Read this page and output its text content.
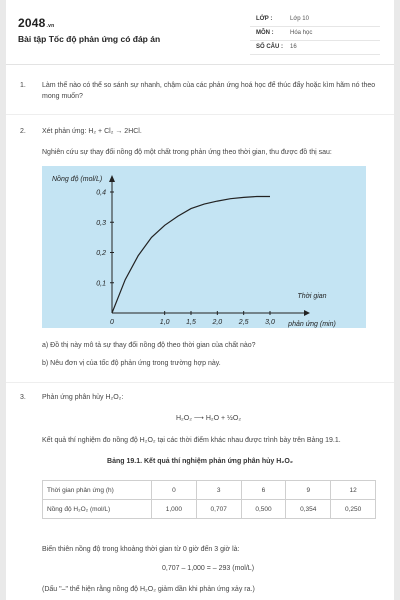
2048.vn
Bài tập Tốc độ phản ứng có đáp án
LỚP :	Lớp 10
MÔN :	Hóa học
SỐ CÂU : 16
1. Làm thế nào có thể so sánh sự nhanh, chậm của các phản ứng hoá học để thúc đẩy hoặc kìm hãm nó theo mong muốn?
2. Xét phản ứng: H₂ + Cl₂ → 2HCl.
Nghiên cứu sự thay đổi nồng độ một chất trong phản ứng theo thời gian, thu được đồ thị sau:
0,1
0,2
0,3
0,4
0	1,0 1,5 2,0 2,5 3,0
Nồng độ (mol/L)
Thời gian
phản ứng (min)
a) Đồ thị này mô tả sự thay đổi nồng độ theo thời gian của chất nào?
b) Nêu đơn vị của tốc độ phản ứng trong trường hợp này.
3. Phản ứng phân hủy H₂O₂:
H₂O₂ ⟶ H₂O + ½O₂
Kết quả thí nghiệm đo nồng độ H₂O₂ tại các thời điểm khác nhau được trình bày trên Bảng 19.1.
Bảng 19.1. Kết quả thí nghiệm phản ứng phân hủy H₂O₂
Thời gian phản ứng (h)	0	3	6	9	12
Nồng độ H₂O₂ (mol/L)	1,000	0,707	0,500	0,354	0,250
Biến thiên nồng độ trong khoảng thời gian từ 0 giờ đến 3 giờ là:
0,707 – 1,000 = – 293 (mol/L)
(Dấu "–" thể hiện rằng nồng độ H₂O₂ giảm dần khi phản ứng xảy ra.)
